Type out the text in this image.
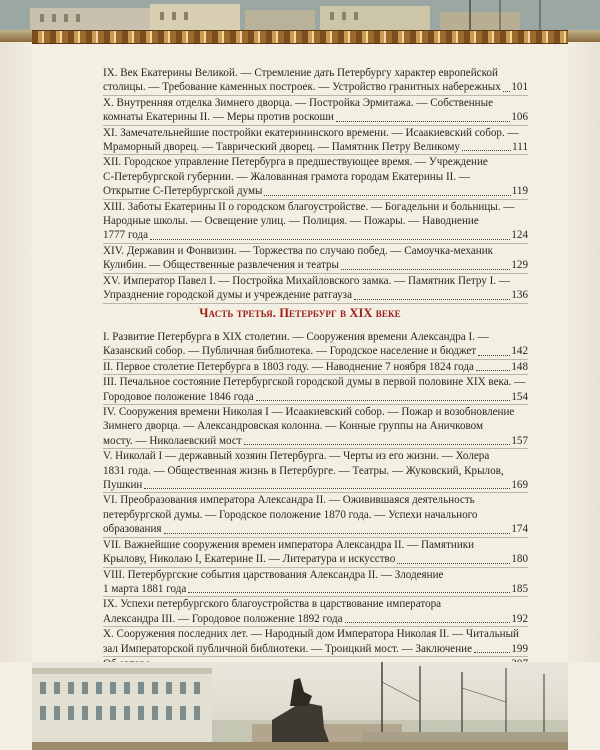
IX. Век Екатерины Великой. — Стремление дать Петербургу характер европейской
столицы. — Требование каменных построек. — Устройство гранитных набережных 101
X. Внутренняя отделка Зимнего дворца. — Постройка Эрмитажа. — Собственные
комнаты Екатерины II. — Меры против роскоши	106
XI. Замечательнейшие постройки екатерининского времени. — Исаакиевский собор. —
Мраморный дворец. — Таврический дворец. — Памятник Петру Великому	111
XII. Городское управление Петербурга в предшествующее время. — Учреждение
С-Петербургской губернии. — Жалованная грамота городам Екатерины II. —
Открытие С-Петербургской думы	119
XIII. Заботы Екатерины II о городском благоустройстве. — Богадельни и больницы. —
Народные школы. — Освещение улиц. — Полиция. — Пожары. — Наводнение
1777 года	124
XIV. Державин и Фонвизин. — Торжества по случаю побед. — Самоучка-механик
Кулибин. — Общественные развлечения и театры	129
XV. Император Павел I. — Постройка Михайловского замка. — Памятник Петру I. —
Упразднение городской думы и учреждение ратгауза	136
Часть третья. Петербург в XIX веке
I. Развитие Петербурга в XIX столетии. — Сооружения времени Александра I. —
Казанский собор. — Публичная библиотека. — Городское население и бюджет	142
II. Первое столетие Петербурга в 1803 году. — Наводнение 7 ноября 1824 года	148
III. Печальное состояние Петербургской городской думы в первой половине XIX века. —
Городовое положение 1846 года	154
IV. Сооружения времени Николая I — Исаакиевский собор. — Пожар и возобновление
Зимнего дворца. — Александровская колонна. — Конные группы на Аничковом
мосту. — Николаевский мост	157
V. Николай I — державный хозяин Петербурга. — Черты из его жизни. — Холера
1831 года. — Общественная жизнь в Петербурге. — Театры. — Жуковский, Крылов,
Пушкин	169
VI. Преобразования императора Александра II. — Оживившаяся деятельность
петербургской думы. — Городское положение 1870 года. — Успехи начального
образования	174
VII. Важнейшие сооружения времен императора Александра II. — Памятники
Крылову, Николаю I, Екатерине II. — Литература и искусство	180
VIII. Петербургские события царствования Александра II. — Злодеяние
1 марта 1881 года	185
IX. Успехи петербургского благоустройства в царствование императора
Александра III. — Городовое положение 1892 года	192
X. Сооружения последних лет. — Народный дом Императора Николая II. — Читальный
зал Императорской публичной библиотеки. — Троицкий мост. — Заключение	199
